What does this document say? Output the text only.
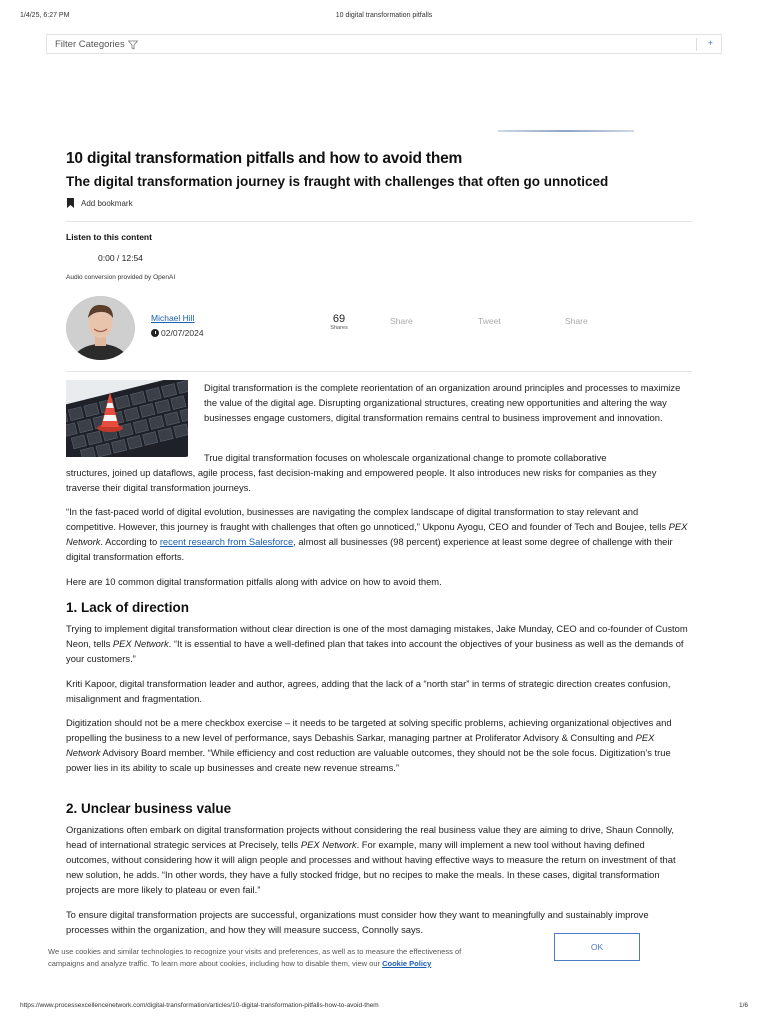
1/4/25, 6:27 PM	10 digital transformation pitfalls
Filter Categories	+
10 digital transformation pitfalls and how to avoid them
The digital transformation journey is fraught with challenges that often go unnoticed
Add bookmark
Listen to this content
0:00 / 12:54
Audio conversion provided by OpenAI
Michael Hill
02/07/2024
69
Shares
Share	Tweet	Share

Digital transformation is the complete reorientation of an organization around principles and processes to maximize the value of the digital age. Disrupting organizational structures, creating new opportunities and altering the way businesses engage customers, digital transformation remains central to business improvement and innovation.

True digital transformation focuses on wholescale organizational change to promote collaborative

structures, joined up dataflows, agile process, fast decision-making and empowered people. It also introduces new risks for companies as they traverse their digital transformation journeys.

“In the fast-paced world of digital evolution, businesses are navigating the complex landscape of digital transformation to stay relevant and competitive. However, this journey is fraught with challenges that often go unnoticed,” Ukponu Ayogu, CEO and founder of Tech and Boujee, tells PEX Network. According to recent research from Salesforce, almost all businesses (98 percent) experience at least some degree of challenge with their digital transformation efforts.

Here are 10 common digital transformation pitfalls along with advice on how to avoid them.

1. Lack of direction

Trying to implement digital transformation without clear direction is one of the most damaging mistakes, Jake Munday, CEO and co-founder of Custom Neon, tells PEX Network. “It is essential to have a well-defined plan that takes into account the objectives of your business as well as the demands of your customers.”

Kriti Kapoor, digital transformation leader and author, agrees, adding that the lack of a “north star” in terms of strategic direction creates confusion, misalignment and fragmentation.

Digitization should not be a mere checkbox exercise – it needs to be targeted at solving specific problems, achieving organizational objectives and propelling the business to a new level of performance, says Debashis Sarkar, managing partner at Proliferator Advisory & Consulting and PEX Network Advisory Board member. “While efficiency and cost reduction are valuable outcomes, they should not be the sole focus. Digitization’s true power lies in its ability to scale up businesses and create new revenue streams.”

2. Unclear business value

Organizations often embark on digital transformation projects without considering the real business value they are aiming to drive, Shaun Connolly, head of international strategic services at Precisely, tells PEX Network. For example, many will implement a new tool without having defined outcomes, without considering how it will align people and processes and without having effective ways to measure the return on investment of that new solution, he adds. “In other words, they have a fully stocked fridge, but no recipes to make the meals. In these cases, digital transformation projects are more likely to plateau or even fail.”

To ensure digital transformation projects are successful, organizations must consider how they want to meaningfully and sustainably improve processes within the organization, and how they will measure success, Connolly says.

We use cookies and similar technologies to recognize your visits and preferences, as well as to measure the effectiveness of campaigns and analyze traffic. To learn more about cookies, including how to disable them, view our Cookie Policy
OK
https://www.processexcellencenetwork.com/digital-transformation/articles/10-digital-transformation-pitfalls-how-to-avoid-them	1/6
